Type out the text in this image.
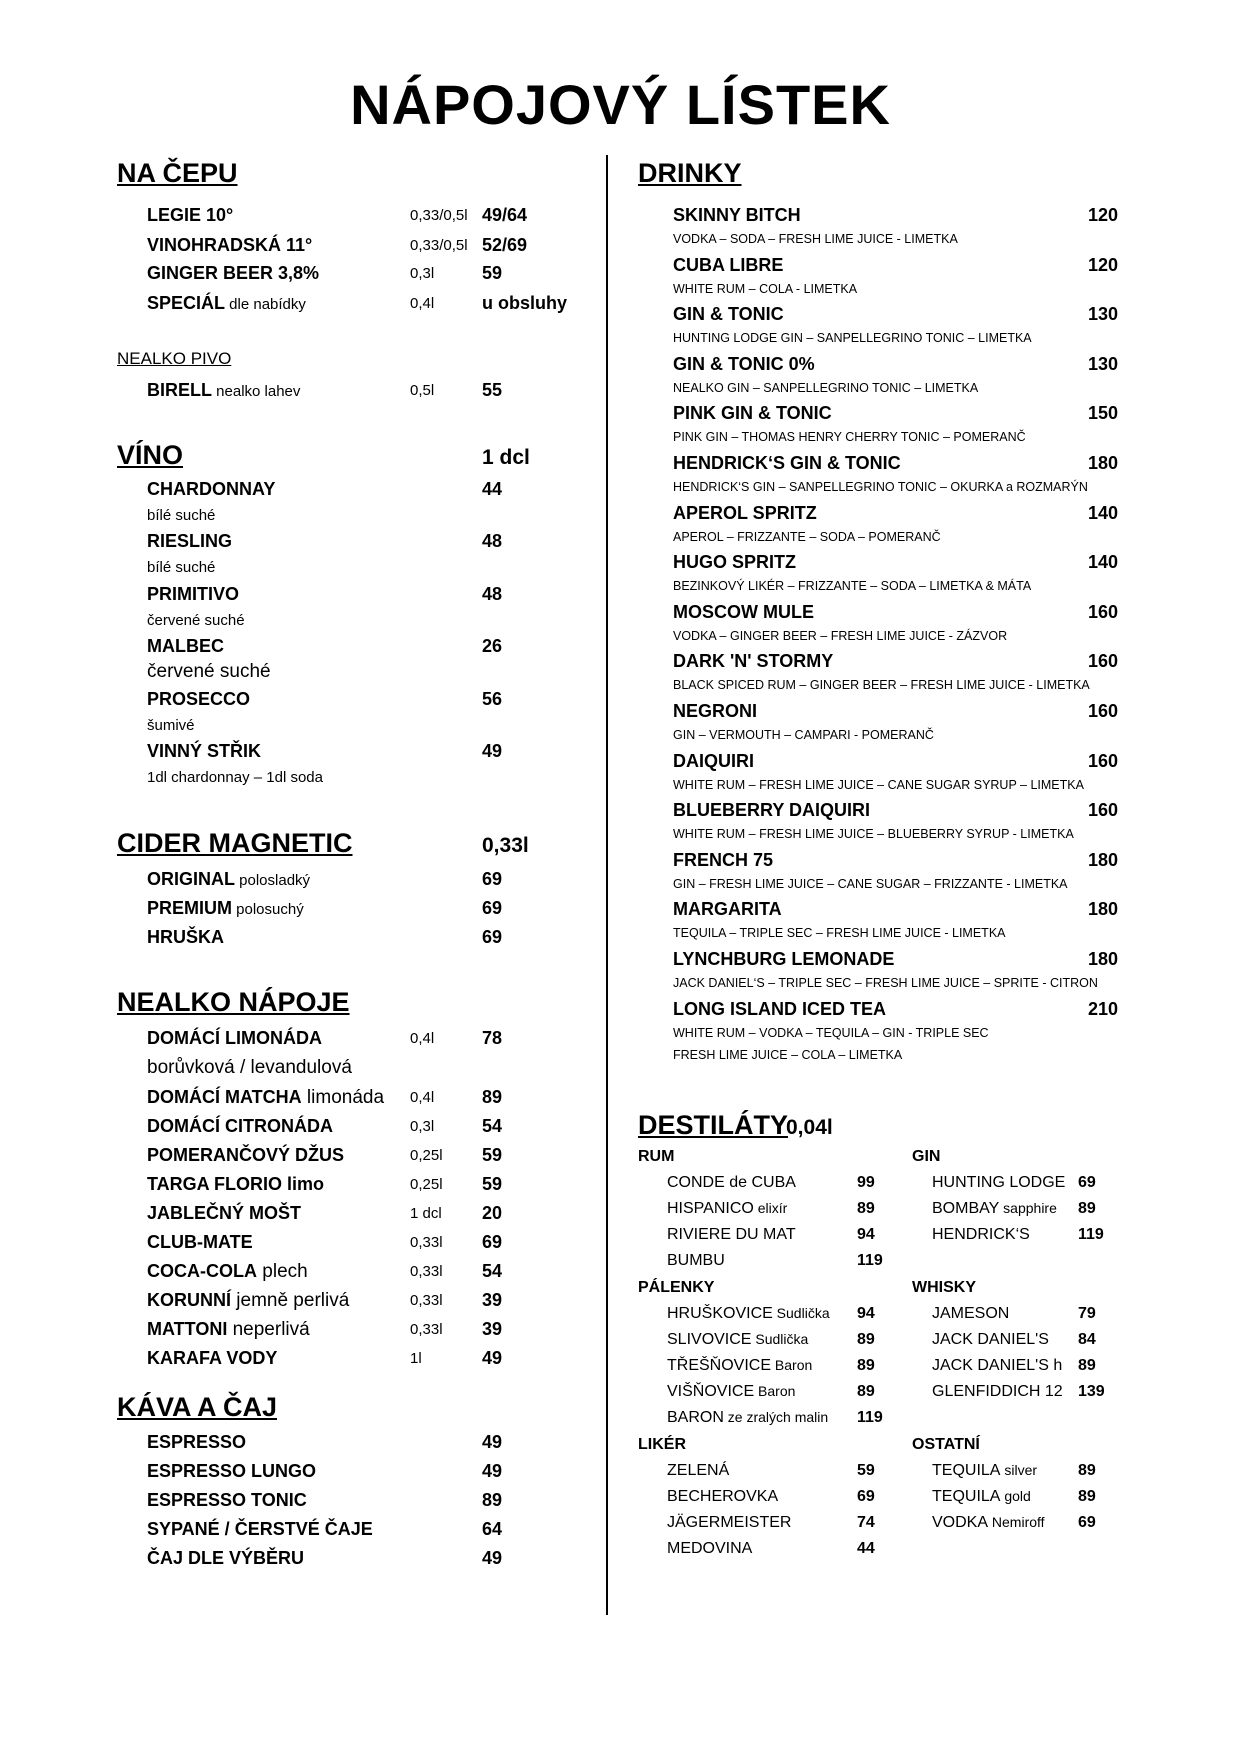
NÁPOJOVÝ LÍSTEK
NA ČEPU
LEGIE 10°	0,33/0,5l 49/64
VINOHRADSKÁ 11°	0,33/0,5l 52/69
GINGER BEER 3,8%	0,3l	59
SPECIÁL dle nabídky	0,4l	u obsluhy
NEALKO PIVO
BIRELL nealko lahev	0,5l	55
VÍNO	1 dcl
CHARDONNAY	44
bílé suché
RIESLING	48
bílé suché
PRIMITIVO	48
červené suché
MALBEC	26
červené suché
PROSECCO	56
šumivé
VINNÝ STŘIK	49
1dl chardonnay – 1dl soda
CIDER MAGNETIC	0,33l
ORIGINAL polosladký	69
PREMIUM polosuchý	69
HRUŠKA	69
NEALKO NÁPOJE
DOMÁCÍ LIMONÁDA	0,4l	78
borůvková / levandulová
DOMÁCÍ MATCHA limonáda 0,4l	89
DOMÁCÍ CITRONÁDA	0,3l	54
POMERANČOVÝ DŽUS	0,25l 59
TARGA FLORIO limo	0,25l 59
JABLEČNÝ MOŠT	1 dcl 20
CLUB-MATE	0,33l 69
COCA-COLA plech	0,33l 54
KORUNNÍ jemně perlivá	0,33l 39
MATTONI neperlivá	0,33l 39
KARAFA VODY	1l	49
KÁVA A ČAJ
ESPRESSO	49
ESPRESSO LUNGO	49
ESPRESSO TONIC	89
SYPANÉ / ČERSTVÉ ČAJE	64
ČAJ DLE VÝBĚRU	49
DRINKY
SKINNY BITCH	120
VODKA – SODA – FRESH LIME JUICE - LIMETKA
CUBA LIBRE	120
WHITE RUM – COLA - LIMETKA
GIN & TONIC	130
HUNTING LODGE GIN – SANPELLEGRINO TONIC – LIMETKA
GIN & TONIC 0%	130
NEALKO GIN – SANPELLEGRINO TONIC – LIMETKA
PINK GIN & TONIC	150
PINK GIN – THOMAS HENRY CHERRY TONIC – POMERANČ
HENDRICK‘S GIN & TONIC	180
HENDRICK‘S GIN – SANPELLEGRINO TONIC – OKURKA a ROZMARÝN
APEROL SPRITZ	140
APEROL – FRIZZANTE – SODA – POMERANČ
HUGO SPRITZ	140
BEZINKOVÝ LIKÉR – FRIZZANTE – SODA – LIMETKA & MÁTA
MOSCOW MULE	160
VODKA – GINGER BEER – FRESH LIME JUICE - ZÁZVOR
DARK 'N' STORMY	160
BLACK SPICED RUM – GINGER BEER – FRESH LIME JUICE - LIMETKA
NEGRONI	160
GIN – VERMOUTH – CAMPARI - POMERANČ
DAIQUIRI	160
WHITE RUM – FRESH LIME JUICE – CANE SUGAR SYRUP – LIMETKA
BLUEBERRY DAIQUIRI	160
WHITE RUM – FRESH LIME JUICE – BLUEBERRY SYRUP - LIMETKA
FRENCH 75	180
GIN – FRESH LIME JUICE – CANE SUGAR – FRIZZANTE - LIMETKA
MARGARITA	180
TEQUILA – TRIPLE SEC – FRESH LIME JUICE - LIMETKA
LYNCHBURG LEMONADE	180
JACK DANIEL‘S – TRIPLE SEC – FRESH LIME JUICE – SPRITE - CITRON
LONG ISLAND ICED TEA	210
WHITE RUM – VODKA – TEQUILA – GIN - TRIPLE SEC
FRESH LIME JUICE – COLA – LIMETKA
DESTILÁTY
0,04l
RUM
CONDE de CUBA	99
HISPANICO elixír	89
RIVIERE DU MAT	94
BUMBU	119
PÁLENKY
HRUŠKOVICE Sudlička 94
SLIVOVICE Sudlička	89
TŘEŠŇOVICE Baron	89
VIŠŇOVICE Baron	89
BARON ze zralých malin 119
LIKÉR
ZELENÁ	59
BECHEROVKA	69
JÄGERMEISTER	74
MEDOVINA	44
GIN
HUNTING LODGE 69
BOMBAY sapphire 89
HENDRICK‘S	119
WHISKY
JAMESON	79
JACK DANIEL'S 84
JACK DANIEL'S h 89
GLENFIDDICH 12 139
OSTATNÍ
TEQUILA silver	89
TEQUILA gold	89
VODKA Nemiroff 69
